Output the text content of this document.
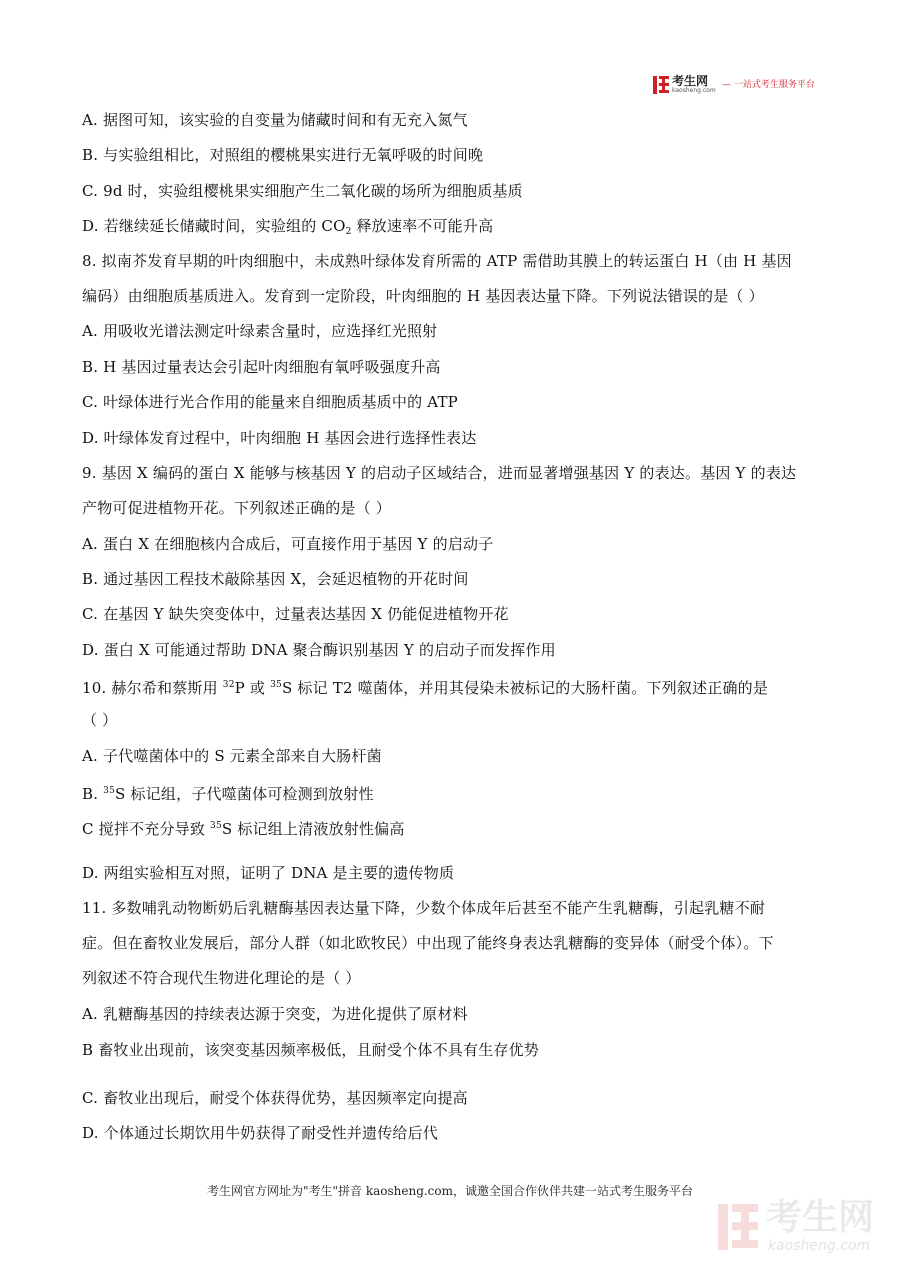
考生网
kaosheng.com
— 一站式考生服务平台
A. 据图可知，该实验的自变量为储藏时间和有无充入氮气
B. 与实验组相比，对照组的樱桃果实进行无氧呼吸的时间晚
C. 9d 时，实验组樱桃果实细胞产生二氧化碳的场所为细胞质基质
D. 若继续延长储藏时间，实验组的 $CO_2$ 释放速率不可能升高
8. 拟南芥发育早期的叶肉细胞中，未成熟叶绿体发育所需的 ATP 需借助其膜上的转运蛋白 H（由 H 基因
编码）由细胞质基质进入。发育到一定阶段，叶肉细胞的 H 基因表达量下降。下列说法错误的是（ ）
A. 用吸收光谱法测定叶绿素含量时，应选择红光照射
B. H 基因过量表达会引起叶肉细胞有氧呼吸强度升高
C. 叶绿体进行光合作用的能量来自细胞质基质中的 ATP
D. 叶绿体发育过程中，叶肉细胞 H 基因会进行选择性表达
9. 基因 X 编码的蛋白 X 能够与核基因 Y 的启动子区域结合，进而显著增强基因 Y 的表达。基因 Y 的表达
产物可促进植物开花。下列叙述正确的是（ ）
A. 蛋白 X 在细胞核内合成后，可直接作用于基因 Y 的启动子
B. 通过基因工程技术敲除基因 X，会延迟植物的开花时间
C. 在基因 Y 缺失突变体中，过量表达基因 X 仍能促进植物开花
D. 蛋白 X 可能通过帮助 DNA 聚合酶识别基因 Y 的启动子而发挥作用
10. 赫尔希和蔡斯用 $^{32}$P 或 $^{35}$S 标记 T2 噬菌体，并用其侵染未被标记的大肠杆菌。下列叙述正确的是
（ ）
A. 子代噬菌体中的 S 元素全部来自大肠杆菌
B. $^{35}$S 标记组，子代噬菌体可检测到放射性
C 搅拌不充分导致 $^{35}$S 标记组上清液放射性偏高
D. 两组实验相互对照，证明了 DNA 是主要的遗传物质
11. 多数哺乳动物断奶后乳糖酶基因表达量下降，少数个体成年后甚至不能产生乳糖酶，引起乳糖不耐
症。但在畜牧业发展后，部分人群（如北欧牧民）中出现了能终身表达乳糖酶的变异体（耐受个体）。下
列叙述不符合现代生物进化理论的是（ ）
A. 乳糖酶基因的持续表达源于突变，为进化提供了原材料
B 畜牧业出现前，该突变基因频率极低，且耐受个体不具有生存优势
C. 畜牧业出现后，耐受个体获得优势，基因频率定向提高
D. 个体通过长期饮用牛奶获得了耐受性并遗传给后代
考生网官方网址为"考生"拼音 kaosheng.com，诚邀全国合作伙伴共建一站式考生服务平台
考生网
kaosheng.com
